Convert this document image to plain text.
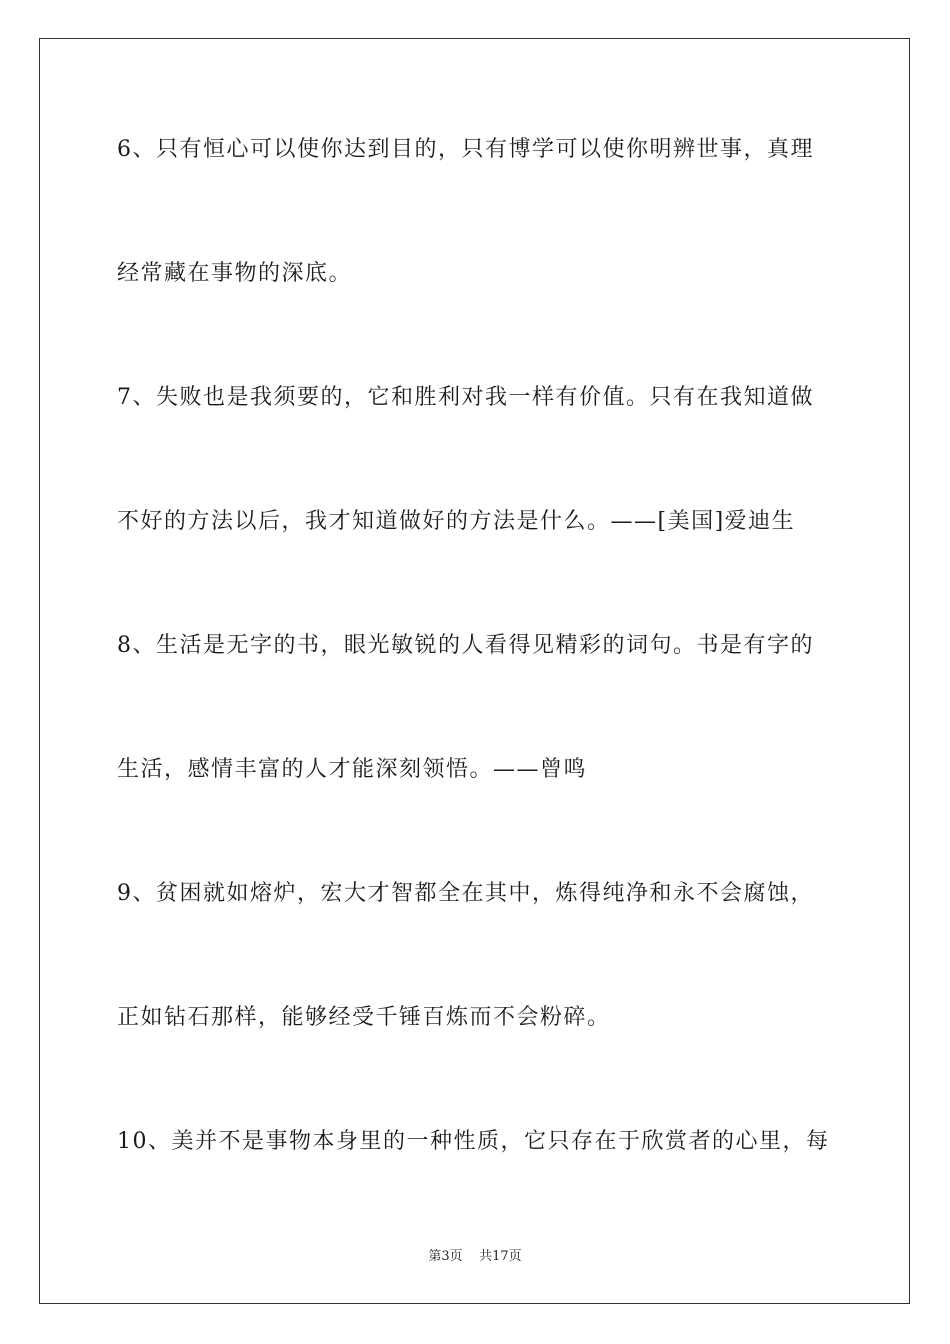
6、只有恒心可以使你达到目的，只有博学可以使你明辨世事，真理
经常藏在事物的深底。
7、失败也是我须要的，它和胜利对我一样有价值。只有在我知道做
不好的方法以后，我才知道做好的方法是什么。——[美国]爱迪生
8、生活是无字的书，眼光敏锐的人看得见精彩的词句。书是有字的
生活，感情丰富的人才能深刻领悟。——曾鸣
9、贫困就如熔炉，宏大才智都全在其中，炼得纯净和永不会腐蚀，
正如钻石那样，能够经受千锤百炼而不会粉碎。
10、美并不是事物本身里的一种性质，它只存在于欣赏者的心里，每
第3页 共17页
